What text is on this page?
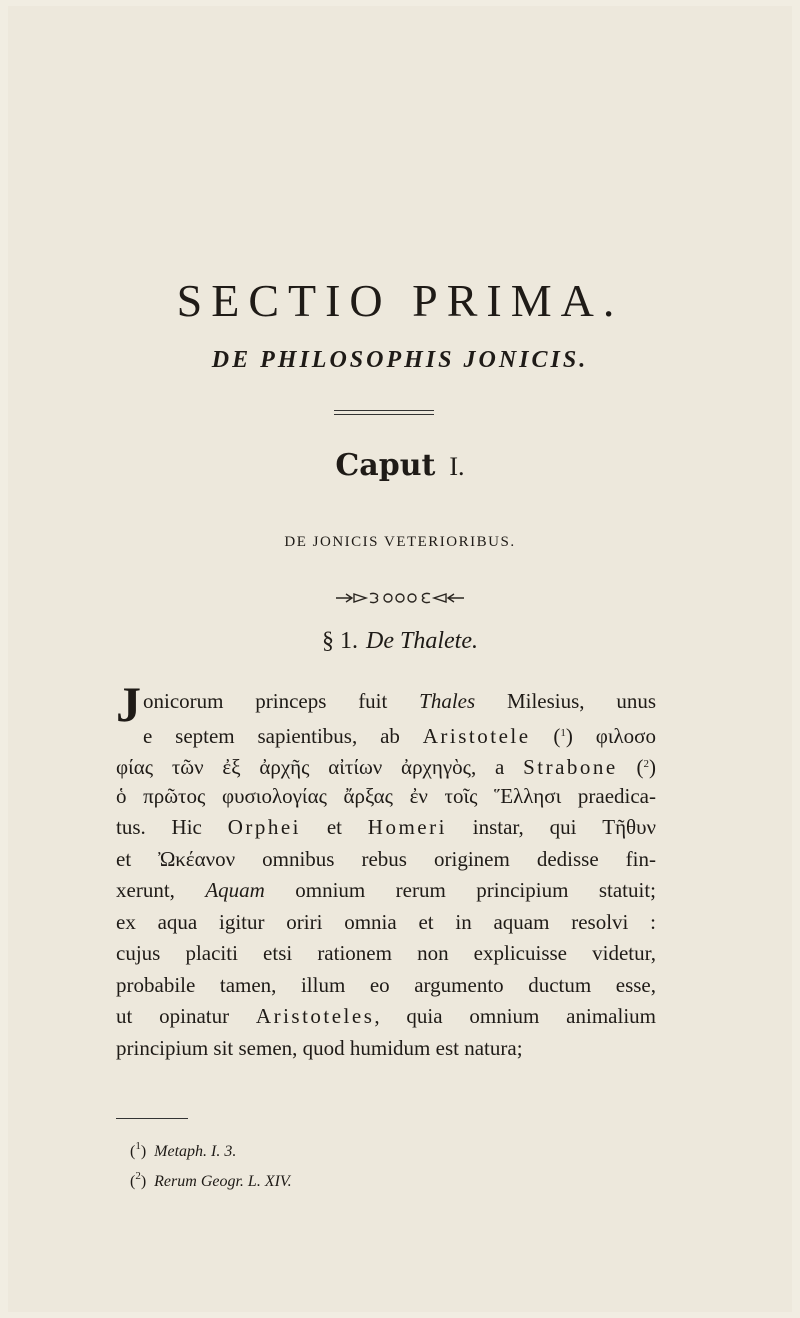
SECTIO PRIMA.
DE PHILOSOPHIS JONICIS.
Caput I.
DE JONICIS VETERIORIBUS.
§ 1. De Thalete.
Jonicorum princeps fuit Thales Milesius, unus
e septem sapientibus, ab Aristotele ($^1$) φιλοσο
φίας τῶν ἐξ ἀρχῆς αἰτίων ἀρχηγὸς, a Strabone ($^2$)
ὁ πρῶτος φυσιολογίας ἄρξας ἐν τοῖς Ἕλλησι praedica-
tus. Hic Orphei et Homeri instar, qui Τῆθυν
et Ὠκέανον omnibus rebus originem dedisse fin-
xerunt, Aquam omnium rerum principium statuit;
ex aqua igitur oriri omnia et in aquam resolvi :
cujus placiti etsi rationem non explicuisse videtur,
probabile tamen, illum eo argumento ductum esse,
ut opinatur Aristoteles, quia omnium animalium
principium sit semen, quod humidum est natura;
($^1$) Metaph. I. 3.
($^2$) Rerum Geogr. L. XIV.
